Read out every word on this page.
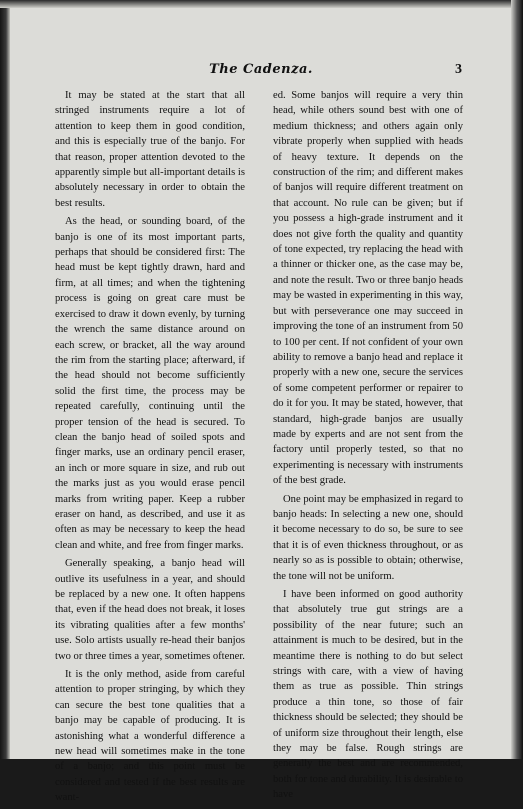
The Cadenza.	3

It may be stated at the start that all stringed instruments require a lot of attention to keep them in good condition, and this is especially true of the banjo. For that reason, proper attention devoted to the apparently simple but all-important details is absolutely necessary in order to obtain the best results.

As the head, or sounding board, of the banjo is one of its most important parts, perhaps that should be considered first: The head must be kept tightly drawn, hard and firm, at all times; and when the tightening process is going on great care must be exercised to draw it down evenly, by turning the wrench the same distance around on each screw, or bracket, all the way around the rim from the starting place; afterward, if the head should not become sufficiently solid the first time, the process may be repeated carefully, continuing until the proper tension of the head is secured. To clean the banjo head of soiled spots and finger marks, use an ordinary pencil eraser, an inch or more square in size, and rub out the marks just as you would erase pencil marks from writing paper. Keep a rubber eraser on hand, as described, and use it as often as may be necessary to keep the head clean and white, and free from finger marks.

Generally speaking, a banjo head will outlive its usefulness in a year, and should be replaced by a new one. It often happens that, even if the head does not break, it loses its vibrating qualities after a few months' use. Solo artists usually re-head their banjos two or three times a year, sometimes oftener.

It is the only method, aside from careful attention to proper stringing, by which they can secure the best tone qualities that a banjo may be capable of producing. It is astonishing what a wonderful difference a new head will sometimes make in the tone of a banjo; and this point must be considered and tested if the best results are want-

ed. Some banjos will require a very thin head, while others sound best with one of medium thickness; and others again only vibrate properly when supplied with heads of heavy texture. It depends on the construction of the rim; and different makes of banjos will require different treatment on that account. No rule can be given; but if you possess a high-grade instrument and it does not give forth the quality and quantity of tone expected, try replacing the head with a thinner or thicker one, as the case may be, and note the result. Two or three banjo heads may be wasted in experimenting in this way, but with perseverance one may succeed in improving the tone of an instrument from 50 to 100 per cent. If not confident of your own ability to remove a banjo head and replace it properly with a new one, secure the services of some competent performer or repairer to do it for you. It may be stated, however, that standard, high-grade banjos are usually made by experts and are not sent from the factory until properly tested, so that no experimenting is necessary with instruments of the best grade.

One point may be emphasized in regard to banjo heads: In selecting a new one, should it become necessary to do so, be sure to see that it is of even thickness throughout, or as nearly so as is possible to obtain; otherwise, the tone will not be uniform.

I have been informed on good authority that absolutely true gut strings are a possibility of the near future; such an attainment is much to be desired, but in the meantime there is nothing to do but select strings with care, with a view of having them as true as possible. Thin strings produce a thin tone, so those of fair thickness should be selected; they should be of uniform size throughout their length, else they may be false. Rough strings are generally the best and are recommended, both for tone and durability. It is desirable to have
